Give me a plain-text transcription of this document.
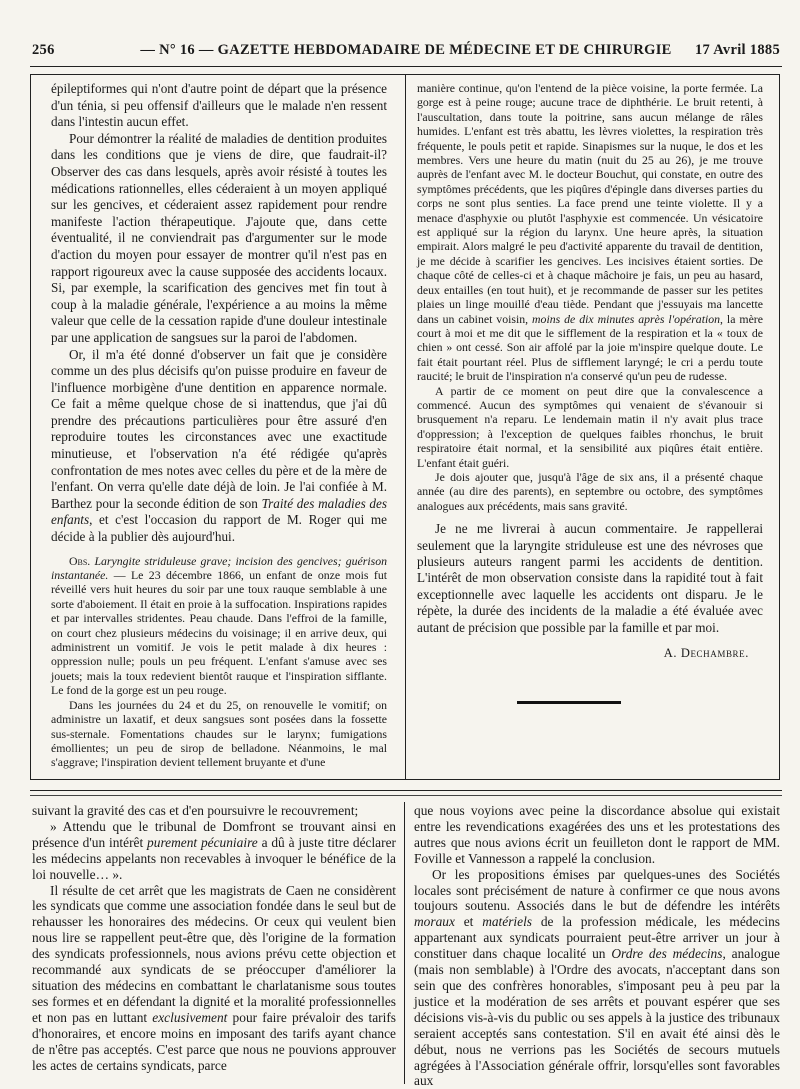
256	— N° 16 — GAZETTE HEBDOMADAIRE DE MÉDECINE ET DE CHIRURGIE	17 Avril 1885

épileptiformes qui n'ont d'autre point de départ que la présence d'un ténia, si peu offensif d'ailleurs que le malade n'en ressent dans l'intestin aucun effet.

Pour démontrer la réalité de maladies de dentition produites dans les conditions que je viens de dire, que faudrait-il? Observer des cas dans lesquels, après avoir résisté à toutes les médications rationnelles, elles céderaient à un moyen appliqué sur les gencives, et céderaient assez rapidement pour rendre manifeste l'action thérapeutique. J'ajoute que, dans cette éventualité, il ne conviendrait pas d'argumenter sur le mode d'action du moyen pour essayer de montrer qu'il n'est pas en rapport rigoureux avec la cause supposée des accidents locaux. Si, par exemple, la scarification des gencives met fin tout à coup à la maladie générale, l'expérience a au moins la même valeur que celle de la cessation rapide d'une douleur intestinale par une application de sangsues sur la paroi de l'abdomen.

Or, il m'a été donné d'observer un fait que je considère comme un des plus décisifs qu'on puisse produire en faveur de l'influence morbigène d'une dentition en apparence normale. Ce fait a même quelque chose de si inattendus, que j'ai dû prendre des précautions particulières pour être assuré d'en reproduire toutes les circonstances avec une exactitude minutieuse, et l'observation n'a été rédigée qu'après confrontation de mes notes avec celles du père et de la mère de l'enfant. On verra qu'elle date déjà de loin. Je l'ai confiée à M. Barthez pour la seconde édition de son Traité des maladies des enfants, et c'est l'occasion du rapport de M. Roger qui me décide à la publier dès aujourd'hui.

Obs. Laryngite striduleuse grave; incision des gencives; guérison instantanée. — Le 23 décembre 1866, un enfant de onze mois fut réveillé vers huit heures du soir par une toux rauque semblable à une sorte d'aboiement. Il était en proie à la suffocation. Inspirations rapides et par intervalles stridentes. Peau chaude. Dans l'effroi de la famille, on court chez plusieurs médecins du voisinage; il en arrive deux, qui administrent un vomitif. Je vois le petit malade à dix heures : oppression nulle; pouls un peu fréquent. L'enfant s'amuse avec ses jouets; mais la toux redevient bientôt rauque et l'inspiration sifflante. Le fond de la gorge est un peu rouge.

Dans les journées du 24 et du 25, on renouvelle le vomitif; on administre un laxatif, et deux sangsues sont posées dans la fossette sus-sternale. Fomentations chaudes sur le larynx; fumigations émollientes; un peu de sirop de belladone. Néanmoins, le mal s'aggrave; l'inspiration devient tellement bruyante et d'une

manière continue, qu'on l'entend de la pièce voisine, la porte fermée. La gorge est à peine rouge; aucune trace de diphthérie. Le bruit retenti, à l'auscultation, dans toute la poitrine, sans aucun mélange de râles humides. L'enfant est très abattu, les lèvres violettes, la respiration très fréquente, le pouls petit et rapide. Sinapismes sur la nuque, le dos et les membres. Vers une heure du matin (nuit du 25 au 26), je me trouve auprès de l'enfant avec M. le docteur Bouchut, qui constate, en outre des symptômes précédents, que les piqûres d'épingle dans diverses parties du corps ne sont plus senties. La face prend une teinte violette. Il y a menace d'asphyxie ou plutôt l'asphyxie est commencée. Un vésicatoire est appliqué sur la région du larynx. Une heure après, la situation empirait. Alors malgré le peu d'activité apparente du travail de dentition, je me décide à scarifier les gencives. Les incisives étaient sorties. De chaque côté de celles-ci et à chaque mâchoire je fais, un peu au hasard, deux entailles (en tout huit), et je recommande de passer sur les petites plaies un linge mouillé d'eau tiède. Pendant que j'essuyais ma lancette dans un cabinet voisin, moins de dix minutes après l'opération, la mère court à moi et me dit que le sifflement de la respiration et la « toux de chien » ont cessé. Son air affolé par la joie m'inspire quelque doute. Le fait était pourtant réel. Plus de sifflement laryngé; le cri a perdu toute raucité; le bruit de l'inspiration n'a conservé qu'un peu de rudesse.

A partir de ce moment on peut dire que la convalescence a commencé. Aucun des symptômes qui venaient de s'évanouir si brusquement n'a reparu. Le lendemain matin il n'y avait plus trace d'oppression; à l'exception de quelques faibles rhonchus, le bruit respiratoire était normal, et la sensibilité aux piqûres était entière. L'enfant était guéri.

Je dois ajouter que, jusqu'à l'âge de six ans, il a présenté chaque année (au dire des parents), en septembre ou octobre, des symptômes analogues aux précédents, mais sans gravité.

Je ne me livrerai à aucun commentaire. Je rappellerai seulement que la laryngite striduleuse est une des névroses que plusieurs auteurs rangent parmi les accidents de dentition. L'intérêt de mon observation consiste dans la rapidité tout à fait exceptionnelle avec laquelle les accidents ont disparu. Je le répète, la durée des incidents de la maladie a été évaluée avec autant de précision que possible par la famille et par moi.

A. Dechambre.

suivant la gravité des cas et d'en poursuivre le recouvrement;

» Attendu que le tribunal de Domfront se trouvant ainsi en présence d'un intérêt purement pécuniaire a dû à juste titre déclarer les médecins appelants non recevables à invoquer le bénéfice de la loi nouvelle… ».

Il résulte de cet arrêt que les magistrats de Caen ne considèrent les syndicats que comme une association fondée dans le seul but de rehausser les honoraires des médecins. Or ceux qui veulent bien nous lire se rappellent peut-être que, dès l'origine de la formation des syndicats professionnels, nous avions prévu cette objection et recommandé aux syndicats de se préoccuper d'améliorer la situation des médecins en combattant le charlatanisme sous toutes ses formes et en défendant la dignité et la moralité professionnelles et non pas en luttant exclusivement pour faire prévaloir des tarifs d'honoraires, et encore moins en imposant des tarifs ayant chance de n'être pas acceptés. C'est parce que nous ne pouvions approuver les actes de certains syndicats, parce

que nous voyions avec peine la discordance absolue qui existait entre les revendications exagérées des uns et les protestations des autres que nous avions écrit un feuilleton dont le rapport de MM. Foville et Vannesson a rappelé la conclusion.

Or les propositions émises par quelques-unes des Sociétés locales sont précisément de nature à confirmer ce que nous avons toujours soutenu. Associés dans le but de défendre les intérêts moraux et matériels de la profession médicale, les médecins appartenant aux syndicats pourraient peut-être arriver un jour à constituer dans chaque localité un Ordre des médecins, analogue (mais non semblable) à l'Ordre des avocats, n'acceptant dans son sein que des confrères honorables, s'imposant peu à peu par la justice et la modération de ses arrêts et pouvant espérer que ses décisions vis-à-vis du public ou ses appels à la justice des tribunaux seraient acceptés sans contestation. S'il en avait été ainsi dès le début, nous ne verrions pas les Sociétés de secours mutuels agrégées à l'Association générale offrir, lorsqu'elles sont favorables aux
